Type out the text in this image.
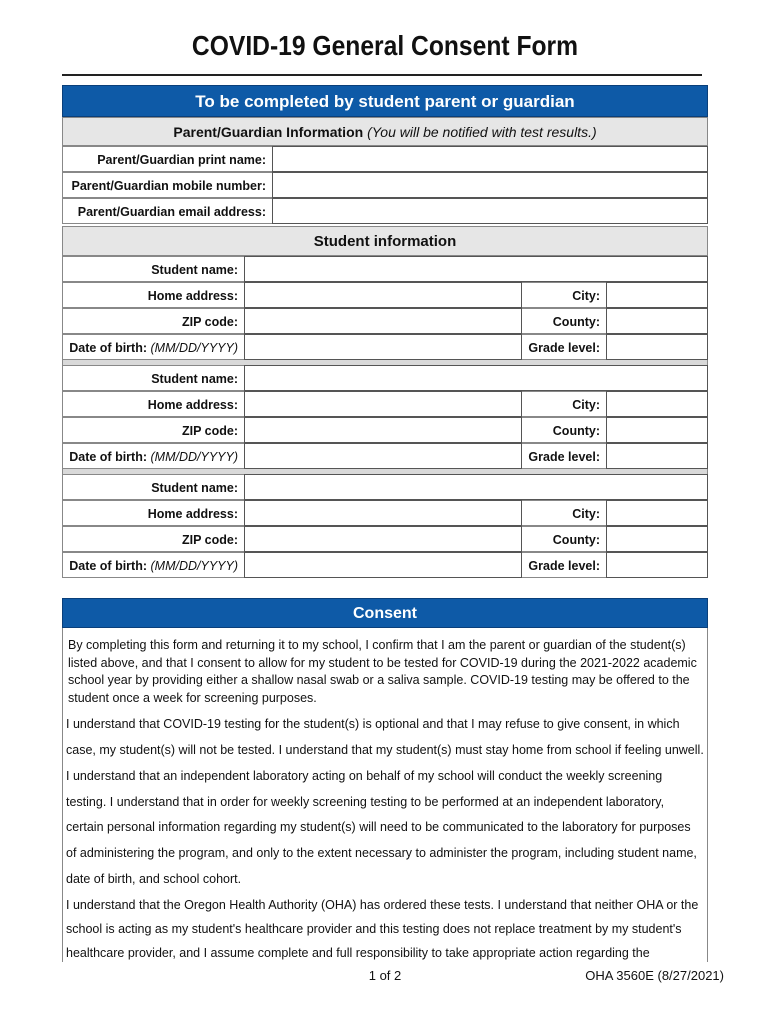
COVID-19 General Consent Form
To be completed by student parent or guardian
Parent/Guardian Information (You will be notified with test results.)
Parent/Guardian print name:
Parent/Guardian mobile number:
Parent/Guardian email address:
Student information
Student name:
Home address:	City:
ZIP code:	County:
Date of birth: (MM/DD/YYYY)	Grade level:
Student name:
Home address:	City:
ZIP code:	County:
Date of birth: (MM/DD/YYYY)	Grade level:
Student name:
Home address:	City:
ZIP code:	County:
Date of birth: (MM/DD/YYYY)	Grade level:
Consent
By completing this form and returning it to my school, I confirm that I am the parent or guardian of the student(s) listed above, and that I consent to allow for my student to be tested for COVID-19 during the 2021-2022 academic school year by providing either a shallow nasal swab or a saliva sample. COVID-19 testing may be offered to the student once a week for screening purposes.
I understand that COVID-19 testing for the student(s) is optional and that I may refuse to give consent, in which
case, my student(s) will not be tested. I understand that my student(s) must stay home from school if feeling unwell.
I understand that an independent laboratory acting on behalf of my school will conduct the weekly screening
testing. I understand that in order for weekly screening testing to be performed at an independent laboratory,
certain personal information regarding my student(s) will need to be communicated to the laboratory for purposes
of administering the program, and only to the extent necessary to administer the program, including student name,
date of birth, and school cohort.
I understand that the Oregon Health Authority (OHA) has ordered these tests. I understand that neither OHA or the
school is acting as my student's healthcare provider and this testing does not replace treatment by my student's
healthcare provider, and I assume complete and full responsibility to take appropriate action regarding the
1 of 2	OHA 3560E (8/27/2021)
